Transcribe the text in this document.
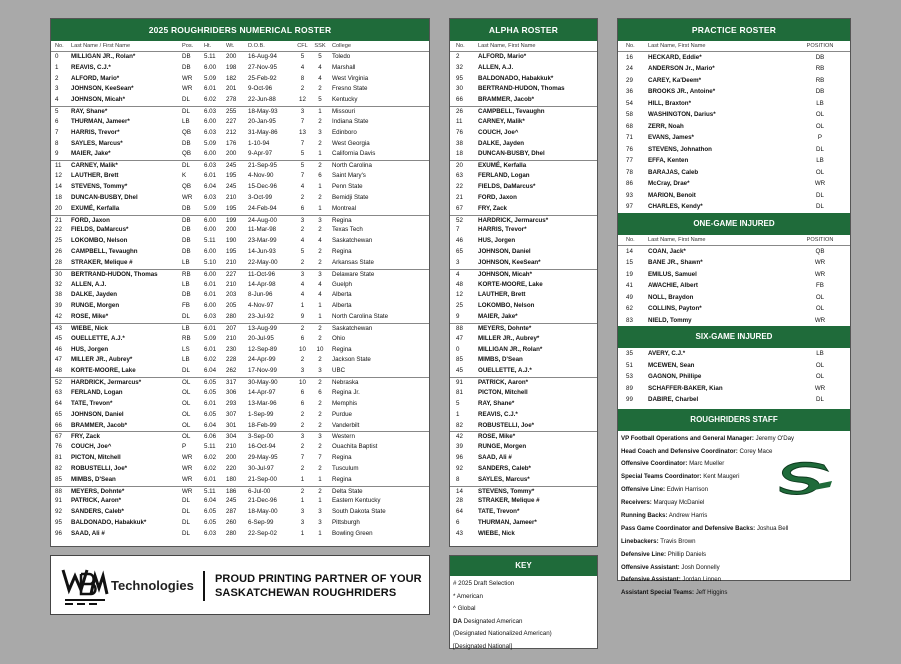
2025 ROUGHRIDERS NUMERICAL ROSTER
No.	Last Name / First Name	Pos.	Ht.	Wt.	D.O.B.	CFL	SSK	College
0	MILLIGAN JR., Rolan*	DB	5.11	200	16-Aug-94	5	5	Toledo
1	REAVIS, C.J.*	DB	6.00	198	27-Nov-95	4	4	Marshall
2	ALFORD, Mario*	WR	5.09	182	25-Feb-92	8	4	West Virginia
3	JOHNSON, KeeSean*	WR	6.01	201	9-Oct-96	2	2	Fresno State
4	JOHNSON, Micah*	DL	6.02	278	22-Jun-88	12	5	Kentucky
5	RAY, Shane*	DL	6.03	255	18-May-93	3	1	Missouri
6	THURMAN, Jameer*	LB	6.00	227	20-Jan-95	7	2	Indiana State
7	HARRIS, Trevor*	QB	6.03	212	31-May-86	13	3	Edinboro
8	SAYLES, Marcus*	DB	5.09	176	1-10-94	7	2	West Georgia
9	MAIER, Jake*	QB	6.00	200	9-Apr-97	5	1	California Davis
11	CARNEY, Malik*	DL	6.03	245	21-Sep-95	5	2	North Carolina
12	LAUTHER, Brett	K	6.01	195	4-Nov-90	7	6	Saint Mary's
14	STEVENS, Tommy*	QB	6.04	245	15-Dec-96	4	1	Penn State
18	DUNCAN-BUSBY, Dhel	WR	6.03	210	3-Oct-99	2	2	Bemidji State
20	EXUMÉ, Kerfalla	DB	5.09	195	24-Feb-94	6	1	Montreal
21	FORD, Jaxon	DB	6.00	199	24-Aug-00	3	3	Regina
22	FIELDS, DaMarcus*	DB	6.00	200	11-Mar-98	2	2	Texas Tech
25	LOKOMBO, Nelson	DB	5.11	190	23-Mar-99	4	4	Saskatchewan
26	CAMPBELL, Tevaughn	DB	6.00	195	14-Jun-93	5	2	Regina
28	STRAKER, Melique #	LB	5.10	210	22-May-00	2	2	Arkansas State
30	BERTRAND-HUDON, Thomas	RB	6.00	227	11-Oct-96	3	3	Delaware State
32	ALLEN, A.J.	LB	6.01	210	14-Apr-98	4	4	Guelph
38	DALKE, Jayden	DB	6.01	203	8-Jun-96	4	4	Alberta
39	RUNGE, Morgen	FB	6.00	205	4-Nov-97	1	1	Alberta
42	ROSE, Mike*	DL	6.03	280	23-Jul-92	9	1	North Carolina State
43	WIEBE, Nick	LB	6.01	207	13-Aug-99	2	2	Saskatchewan
45	OUELLETTE, A.J.*	RB	5.09	210	20-Jul-95	6	2	Ohio
46	HUS, Jorgen	LS	6.01	230	12-Sep-89	10	10	Regina
47	MILLER JR., Aubrey*	LB	6.02	228	24-Apr-99	2	2	Jackson State
48	KORTE-MOORE, Lake	DL	6.04	262	17-Nov-99	3	3	UBC
52	HARDRICK, Jermarcus*	OL	6.05	317	30-May-90	10	2	Nebraska
63	FERLAND, Logan	OL	6.05	306	14-Apr-97	6	6	Regina Jr.
64	TATE, Trevon*	OL	6.01	293	13-Mar-96	6	2	Memphis
65	JOHNSON, Daniel	OL	6.05	307	1-Sep-99	2	2	Purdue
66	BRAMMER, Jacob*	OL	6.04	301	18-Feb-99	2	2	Vanderbilt
67	FRY, Zack	OL	6.06	304	3-Sep-00	3	3	Western
76	COUCH, Joe^	P	5.11	210	16-Oct-94	2	2	Ouachita Baptist
81	PICTON, Mitchell	WR	6.02	200	29-May-95	7	7	Regina
82	ROBUSTELLI, Joe*	WR	6.02	220	30-Jul-97	2	2	Tusculum
85	MIMBS, D'Sean	WR	6.01	180	21-Sep-00	1	1	Regina
88	MEYERS, Dohnte*	WR	5.11	186	6-Jul-00	2	2	Delta State
91	PATRICK, Aaron*	DL	6.04	245	21-Dec-96	1	1	Eastern Kentucky
92	SANDERS, Caleb*	DL	6.05	287	18-May-00	3	3	South Dakota State
95	BALDONADO, Habakkuk*	DL	6.05	260	6-Sep-99	3	3	Pittsburgh
96	SAAD, Ali #	DL	6.03	280	22-Sep-02	1	1	Bowling Green
ALPHA ROSTER
No.	Last Name, First Name
2	ALFORD, Mario*
32	ALLEN, A.J.
95	BALDONADO, Habakkuk*
30	BERTRAND-HUDON, Thomas
66	BRAMMER, Jacob*
26	CAMPBELL, Tevaughn
11	CARNEY, Malik*
76	COUCH, Joe^
38	DALKE, Jayden
18	DUNCAN-BUSBY, Dhel
20	EXUMÉ, Kerfalla
63	FERLAND, Logan
22	FIELDS, DaMarcus*
21	FORD, Jaxon
67	FRY, Zack
52	HARDRICK, Jermarcus*
7	HARRIS, Trevor*
46	HUS, Jorgen
65	JOHNSON, Daniel
3	JOHNSON, KeeSean*
4	JOHNSON, Micah*
48	KORTE-MOORE, Lake
12	LAUTHER, Brett
25	LOKOMBO, Nelson
9	MAIER, Jake*
88	MEYERS, Dohnte*
47	MILLER JR., Aubrey*
0	MILLIGAN JR., Rolan*
85	MIMBS, D'Sean
45	OUELLETTE, A.J.*
91	PATRICK, Aaron*
81	PICTON, Mitchell
5	RAY, Shane*
1	REAVIS, C.J.*
82	ROBUSTELLI, Joe*
42	ROSE, Mike*
39	RUNGE, Morgen
96	SAAD, Ali #
92	SANDERS, Caleb*
8	SAYLES, Marcus*
14	STEVENS, Tommy*
28	STRAKER, Melique #
64	TATE, Trevon*
6	THURMAN, Jameer*
43	WIEBE, Nick
PRACTICE ROSTER
No.	Last Name, First Name	POSITION
16	HECKARD, Eddie*	DB
24	ANDERSON Jr., Mario*	RB
29	CAREY, Ka'Deem*	RB
36	BROOKS JR., Antoine*	DB
54	HILL, Braxton*	LB
58	WASHINGTON, Darius*	OL
68	ZERR, Noah	OL
71	EVANS, James*	P
76	STEVENS, Johnathon	DL
77	EFFA, Kenten	LB
78	BARAJAS, Caleb	OL
86	McCray, Drae*	WR
93	MARION, Benoit	DL
97	CHARLES, Kendy*	DL
ONE-GAME INJURED
No.	Last Name, First Name	POSITION
14	COAN, Jack*	QB
15	BANE JR., Shawn*	WR
19	EMILUS, Samuel	WR
41	AWACHIE, Albert	FB
49	NOLL, Braydon	OL
62	COLLINS, Payton*	OL
83	NIELD, Tommy	WR
SIX-GAME INJURED
35	AVERY, C.J.*	LB
51	MCEWEN, Sean	OL
53	GAGNON, Phillipe	OL
89	SCHAFFER-BAKER, Kian	WR
99	DABIRE, Charbel	DL
ROUGHRIDERS STAFF
VP Football Operations and General Manager: Jeremy O'Day
Head Coach and Defensive Coordinator: Corey Mace
Offensive Coordinator: Marc Mueller
Special Teams Coordinator: Kent Maugeri
Offensive Line: Edwin Harrison
Receivers: Marquay McDaniel
Running Backs: Andrew Harris
Pass Game Coordinator and Defensive Backs: Joshua Bell
Linebackers: Travis Brown
Defensive Line: Phillip Daniels
Offensive Assistant: Josh Donnelly
Defensive Assistant: Jordan Linnen
Assistant Special Teams: Jeff Higgins
Technologies PROUD PRINTING PARTNER OF YOUR
SASKATCHEWAN ROUGHRIDERS
KEY
# 2025 Draft Selection
* American
^ Global
DA Designated American
(Designated Nationalized American)
[Designated National]
